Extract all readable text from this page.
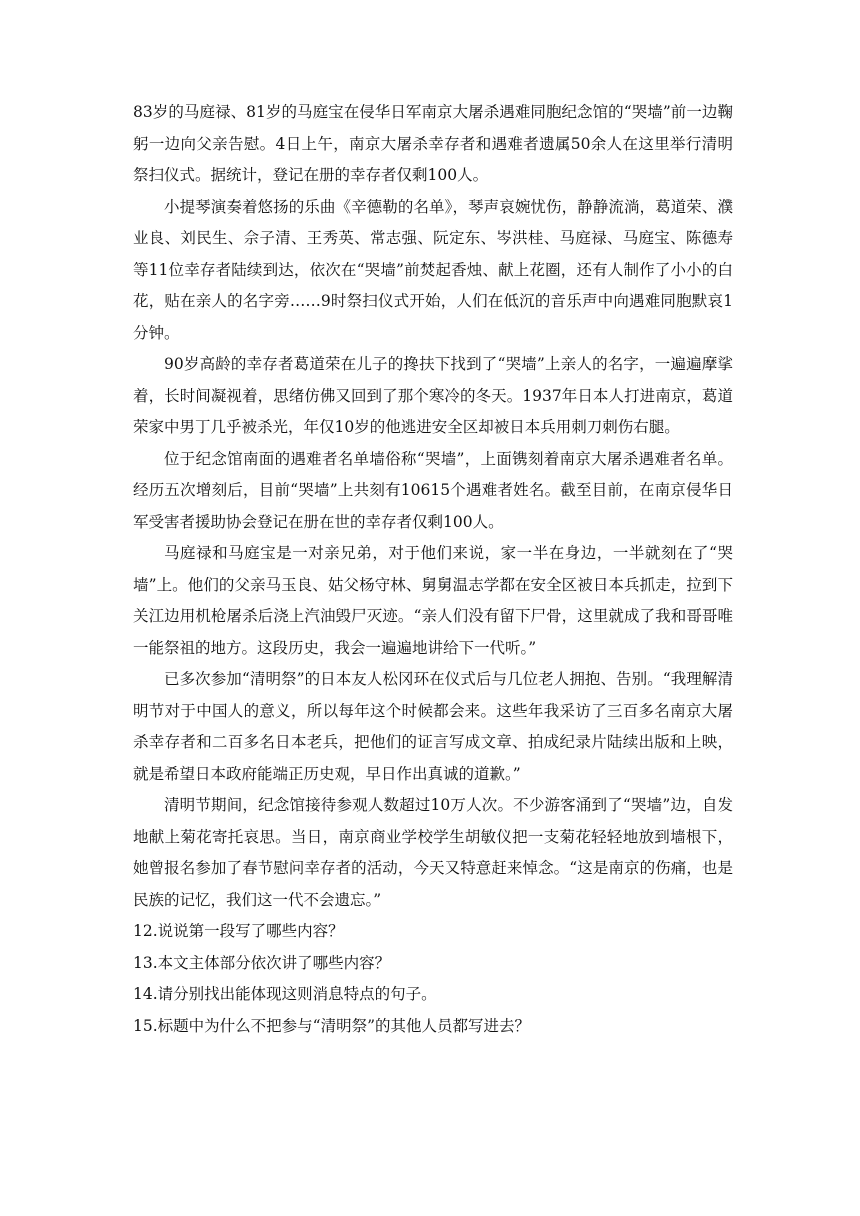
83岁的马庭禄、81岁的马庭宝在侵华日军南京大屠杀遇难同胞纪念馆的“哭墙”前一边鞠躬一边向父亲告慰。4日上午，南京大屠杀幸存者和遇难者遗属50余人在这里举行清明祭扫仪式。据统计，登记在册的幸存者仅剩100人。

小提琴演奏着悠扬的乐曲《辛德勒的名单》，琴声哀婉忧伤，静静流淌，葛道荣、濮业良、刘民生、佘子清、王秀英、常志强、阮定东、岑洪桂、马庭禄、马庭宝、陈德寿等11位幸存者陆续到达，依次在“哭墙”前焚起香烛、献上花圈，还有人制作了小小的白花，贴在亲人的名字旁……9时祭扫仪式开始，人们在低沉的音乐声中向遇难同胞默哀1分钟。

90岁高龄的幸存者葛道荣在儿子的搀扶下找到了“哭墙”上亲人的名字，一遍遍摩挲着，长时间凝视着，思绪仿佛又回到了那个寒冷的冬天。1937年日本人打进南京，葛道荣家中男丁几乎被杀光，年仅10岁的他逃进安全区却被日本兵用刺刀刺伤右腿。

位于纪念馆南面的遇难者名单墙俗称“哭墙”，上面镌刻着南京大屠杀遇难者名单。经历五次增刻后，目前“哭墙”上共刻有10615个遇难者姓名。截至目前，在南京侵华日军受害者援助协会登记在册在世的幸存者仅剩100人。

马庭禄和马庭宝是一对亲兄弟，对于他们来说，家一半在身边，一半就刻在了“哭墙”上。他们的父亲马玉良、姑父杨守林、舅舅温志学都在安全区被日本兵抓走，拉到下关江边用机枪屠杀后浇上汽油毁尸灭迹。“亲人们没有留下尸骨，这里就成了我和哥哥唯一能祭祖的地方。这段历史，我会一遍遍地讲给下一代听。”

已多次参加“清明祭”的日本友人松冈环在仪式后与几位老人拥抱、告别。“我理解清明节对于中国人的意义，所以每年这个时候都会来。这些年我采访了三百多名南京大屠杀幸存者和二百多名日本老兵，把他们的证言写成文章、拍成纪录片陆续出版和上映，就是希望日本政府能端正历史观，早日作出真诚的道歉。”

清明节期间，纪念馆接待参观人数超过10万人次。不少游客涌到了“哭墙”边，自发地献上菊花寄托哀思。当日，南京商业学校学生胡敏仪把一支菊花轻轻地放到墙根下，她曾报名参加了春节慰问幸存者的活动，今天又特意赶来悼念。“这是南京的伤痛，也是民族的记忆，我们这一代不会遗忘。”

12.说说第一段写了哪些内容？

13.本文主体部分依次讲了哪些内容？

14.请分别找出能体现这则消息特点的句子。

15.标题中为什么不把参与“清明祭”的其他人员都写进去？
